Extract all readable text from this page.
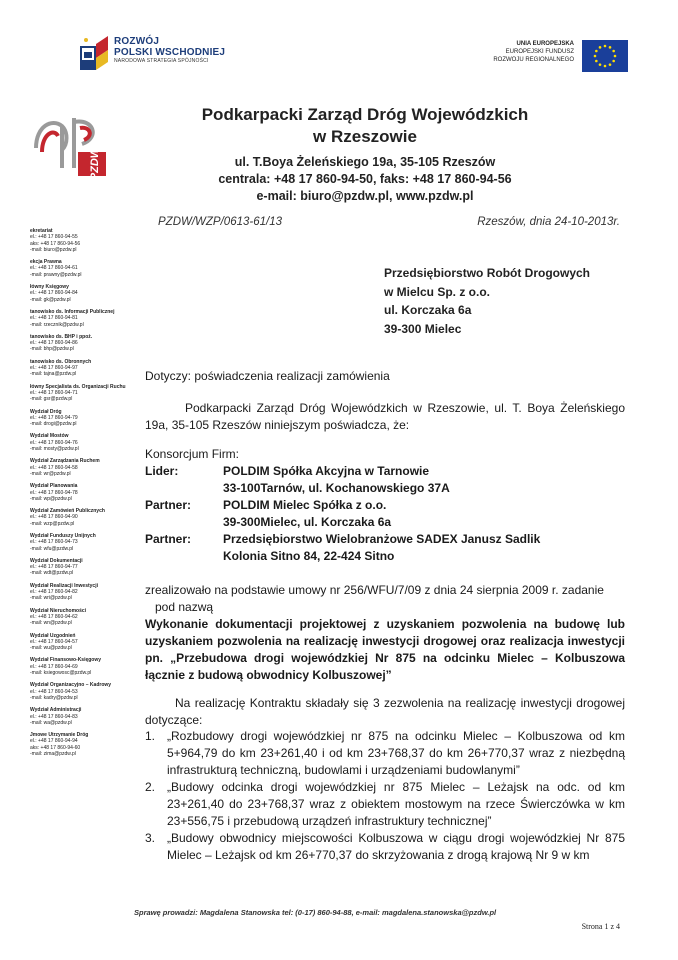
ROZWÓJ
POLSKI WSCHODNIEJ
NARODOWA STRATEGIA SPÓJNOŚCI
UNIA EUROPEJSKA
EUROPEJSKI FUNDUSZ
ROZWOJU REGIONALNEGO
PZDW
Podkarpacki Zarząd Dróg Wojewódzkich
w Rzeszowie
ul. T.Boya Żeleńskiego 19a, 35-105 Rzeszów
centrala: +48 17 860-94-50, faks: +48 17 860-94-56
e-mail: biuro@pzdw.pl, www.pzdw.pl
PZDW/WZP/0613-61/13	Rzeszów, dnia 24-10-2013r.
ekretariat
el.: +48 17 860-94-55
aks: +48 17 860-94-56
-mail: biuro@pzdw.pl
ekcja Prawna
el.: +48 17 860-94-61
-mail: prawny@pzdw.pl
łówny Księgowy
el.: +48 17 860-94-84
-mail: gk@pzdw.pl
tanowisko ds. Informacji Publicznej
el.: +48 17 860-94-81
-mail: rzecznik@pzdw.pl
tanowisko ds. BHP i ppoż.
el.: +48 17 860-94-86
-mail: bhp@pzdw.pl
tanowisko ds. Obronnych
el.: +48 17 860-94-97
-mail: tajna@pzdw.pl
łówny Specjalista ds. Organizacji Ruchu
el.: +48 17 860-94-71
-mail: gsr@pzdw.pl
Wydział Dróg
el.: +48 17 860-94-79
-mail: drogi@pzdw.pl
Wydział Mostów
el.: +48 17 860-94-76
-mail: mosty@pzdw.pl
Wydział Zarządzania Ruchem
el.: +48 17 860-94-58
-mail: wr@pzdw.pl
Wydział Planowania
el.: +48 17 860-94-78
-mail: wp@pzdw.pl
Wydział Zamówień Publicznych
el.: +48 17 860-94-90
-mail: wzp@pzdw.pl
Wydział Funduszy Unijnych
el.: +48 17 860-94-73
-mail: wfu@pzdw.pl
Wydział Dokumentacji
el.: +48 17 860-94-77
-mail: wdt@pzdw.pl
Wydział Realizacji Inwestycji
el.: +48 17 860-94-82
-mail: wri@pzdw.pl
Wydział Nieruchomości
el.: +48 17 860-94-62
-mail: wn@pzdw.pl
Wydział Uzgodnień
el.: +48 17 860-94-57
-mail: wu@pzdw.pl
Wydział Finansowo-Księgowy
el.: +48 17 860-94-69
-mail: ksiegowosc@pzdw.pl
Wydział Organizacyjno – Kadrowy
el.: +48 17 860-94-53
-mail: kadry@pzdw.pl
Wydział Administracji
el.: +48 17 860-94-83
-mail: wa@pzdw.pl
Jmowe Utrzymanie Dróg
el.: +48 17 860-94-94
aks: +48 17 860-94-60
-mail: zima@pzdw.pl
Przedsiębiorstwo Robót Drogowych
w Mielcu Sp. z o.o.
ul. Korczaka 6a
39-300 Mielec
Dotyczy: poświadczenia realizacji zamówienia
Podkarpacki Zarząd Dróg Wojewódzkich w Rzeszowie, ul. T. Boya Żeleńskiego 19a, 35-105 Rzeszów niniejszym poświadcza, że:
Konsorcjum Firm:
Lider:	POLDIM Spółka Akcyjna w Tarnowie
33-100Tarnów, ul. Kochanowskiego 37A
Partner:	POLDIM Mielec Spółka z o.o.
39-300Mielec, ul. Korczaka 6a
Partner:	Przedsiębiorstwo Wielobranżowe SADEX Janusz Sadlik
Kolonia Sitno 84, 22-424 Sitno
zrealizowało na podstawie umowy nr 256/WFU/7/09 z dnia 24 sierpnia 2009 r. zadanie
pod nazwą
Wykonanie dokumentacji projektowej z uzyskaniem pozwolenia na budowę lub uzyskaniem pozwolenia na realizację inwestycji drogowej oraz realizacja inwestycji pn. „Przebudowa drogi wojewódzkiej Nr 875 na odcinku Mielec – Kolbuszowa łącznie z budową obwodnicy Kolbuszowej”
Na realizację Kontraktu składały się 3 zezwolenia na realizację inwestycji drogowej dotyczące:
1. „Rozbudowy drogi wojewódzkiej nr 875 na odcinku Mielec – Kolbuszowa od km 5+964,79 do km 23+261,40 i od km 23+768,37 do km 26+770,37 wraz z niezbędną infrastrukturą techniczną, budowlami i urządzeniami budowlanymi”
2. „Budowy odcinka drogi wojewódzkiej nr 875 Mielec – Leżajsk na odc. od km 23+261,40 do 23+768,37 wraz z obiektem mostowym na rzece Świerczówka w km 23+556,75 i przebudową urządzeń infrastruktury technicznej”
3. „Budowy obwodnicy miejscowości Kolbuszowa w ciągu drogi wojewódzkiej Nr 875 Mielec – Leżajsk od km 26+770,37 do skrzyżowania z drogą krajową Nr 9 w km
Sprawę prowadzi: Magdalena Stanowska tel: (0-17) 860-94-88, e-mail: magdalena.stanowska@pzdw.pl
Strona 1 z 4
